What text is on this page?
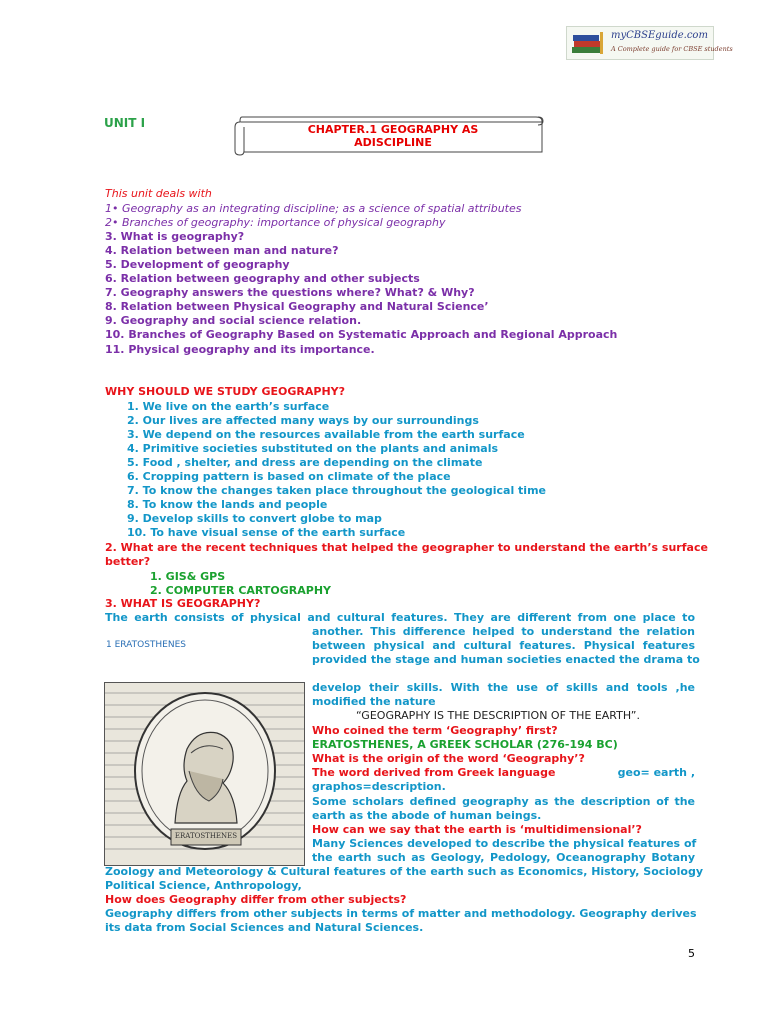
myCBSEguide.com
A Complete guide for CBSE students
UNIT I	CHAPTER.1 GEOGRAPHY AS ADISCIPLINE
This unit deals with
1• Geography as an integrating discipline; as a science of spatial attributes
2• Branches of geography: importance of physical geography
3. What is geography?
4. Relation between man and nature?
5. Development of geography
6. Relation between geography and other subjects
7. Geography answers the questions where? What? & Why?
8. Relation between Physical Geography and Natural Science’
9. Geography and social science relation.
10. Branches of Geography Based on Systematic Approach and Regional Approach
11. Physical geography and its importance.
WHY SHOULD WE STUDY GEOGRAPHY?
1. We live on the earth’s surface
2. Our lives are affected many ways by our surroundings
3. We depend on the resources available from the earth surface
4. Primitive societies substituted on the plants and animals
5. Food , shelter, and dress are depending on the climate
6. Cropping pattern is based on climate of the place
7. To know the changes taken place throughout the geological time
8. To know the lands and people
9. Develop skills to convert globe to map
10. To have visual sense of the earth surface
2. What are the recent techniques that helped the geographer to understand the earth’s surface
better?
1. GIS& GPS
2. COMPUTER CARTOGRAPHY
3. WHAT IS GEOGRAPHY?
The earth consists of physical and cultural features. They are different from one place to
another. This difference helped to understand the relation
1 ERATOSTHENES	between physical and cultural features. Physical features
provided the stage and human societies enacted the drama to
develop their skills. With the use of skills and tools ,he
modified the nature
“GEOGRAPHY IS THE DESCRIPTION OF THE EARTH”.
ERATOSTHENES
Who coined the term ‘Geography’ first?
ERATOSTHENES, A GREEK SCHOLAR (276-194 BC)
What is the origin of the word ‘Geography’?
The word derived from Greek language	geo= earth ,
graphos=description.
Some scholars defined geography as the description of the
earth as the abode of human beings.
How can we say that the earth is ‘multidimensional’?
Many Sciences developed to describe the physical features of
the earth such as Geology, Pedology, Oceanography Botany
Zoology and Meteorology & Cultural features of the earth such as Economics, History, Sociology
Political Science, Anthropology,
How does Geography differ from other subjects?
Geography differs from other subjects in terms of matter and methodology. Geography derives
its data from Social Sciences and Natural Sciences.
5
